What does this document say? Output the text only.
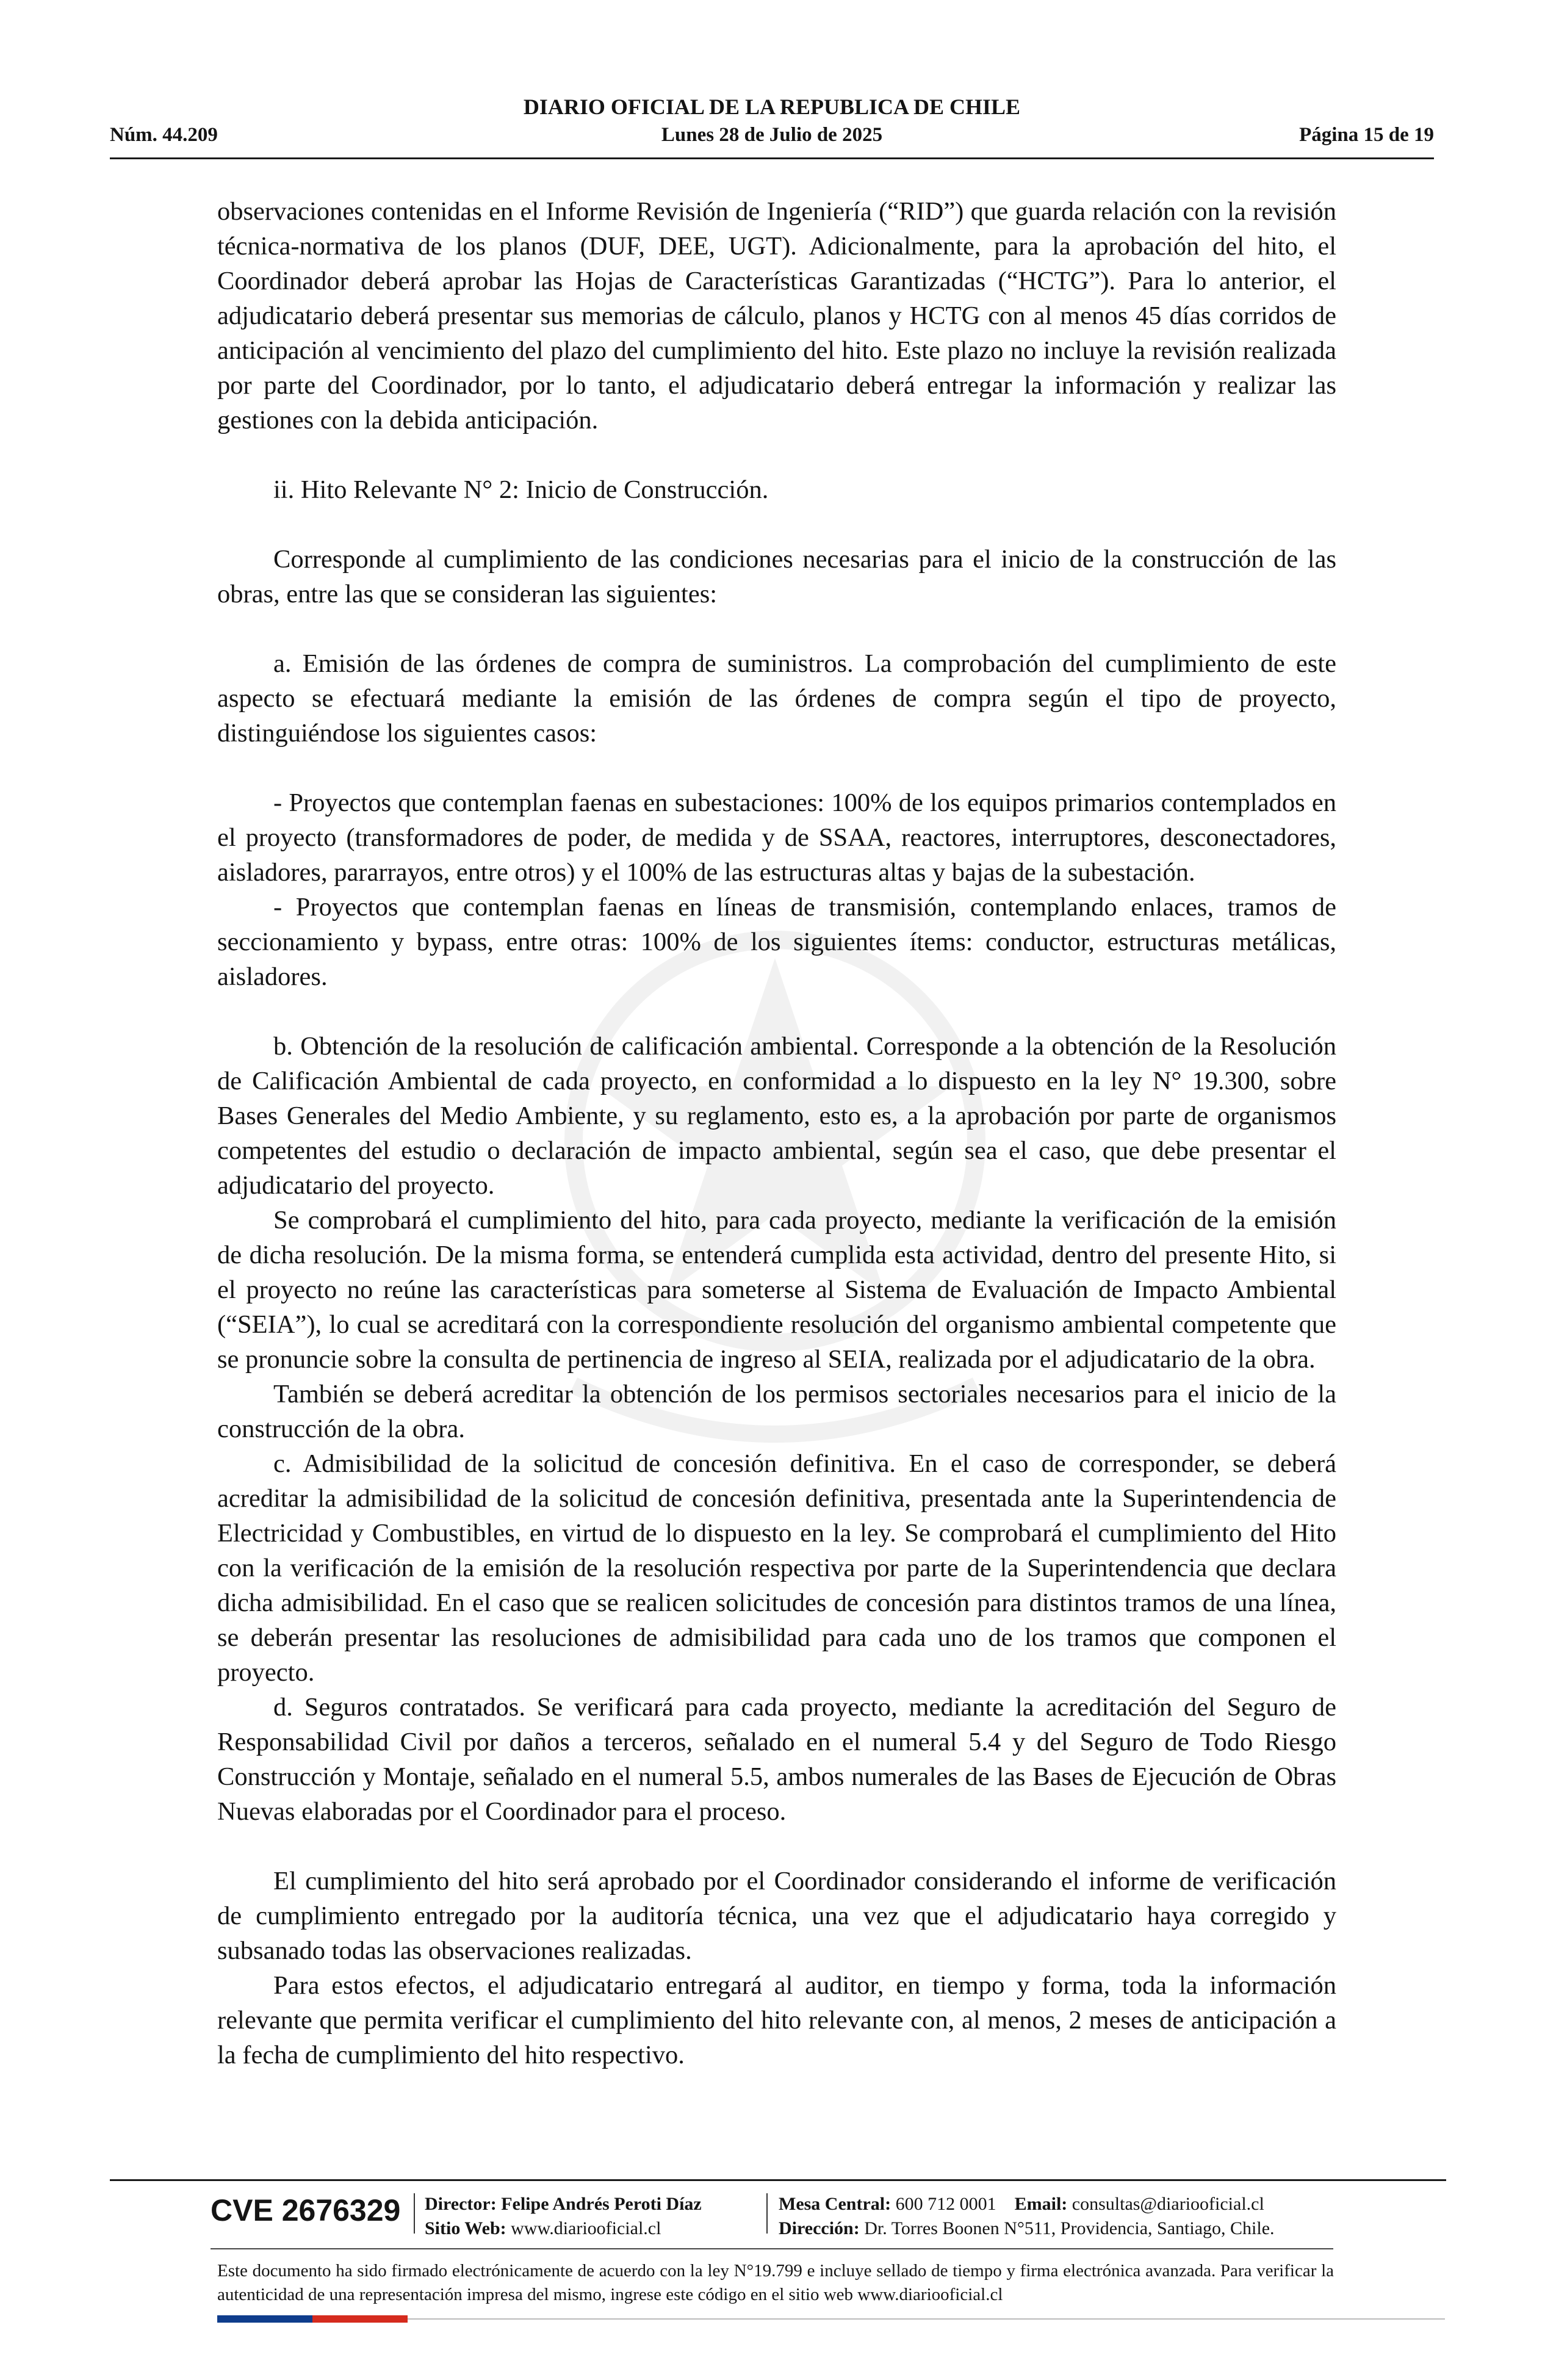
DIARIO OFICIAL DE LA REPUBLICA DE CHILE
Núm. 44.209	Lunes 28 de Julio de 2025	Página 15 de 19

observaciones contenidas en el Informe Revisión de Ingeniería (“RID”) que guarda relación con la revisión técnica-normativa de los planos (DUF, DEE, UGT). Adicionalmente, para la aprobación del hito, el Coordinador deberá aprobar las Hojas de Características Garantizadas (“HCTG”). Para lo anterior, el adjudicatario deberá presentar sus memorias de cálculo, planos y HCTG con al menos 45 días corridos de anticipación al vencimiento del plazo del cumplimiento del hito. Este plazo no incluye la revisión realizada por parte del Coordinador, por lo tanto, el adjudicatario deberá entregar la información y realizar las gestiones con la debida anticipación.

ii. Hito Relevante N° 2: Inicio de Construcción.

Corresponde al cumplimiento de las condiciones necesarias para el inicio de la construcción de las obras, entre las que se consideran las siguientes:

a. Emisión de las órdenes de compra de suministros. La comprobación del cumplimiento de este aspecto se efectuará mediante la emisión de las órdenes de compra según el tipo de proyecto, distinguiéndose los siguientes casos:

- Proyectos que contemplan faenas en subestaciones: 100% de los equipos primarios contemplados en el proyecto (transformadores de poder, de medida y de SSAA, reactores, interruptores, desconectadores, aisladores, pararrayos, entre otros) y el 100% de las estructuras altas y bajas de la subestación.

- Proyectos que contemplan faenas en líneas de transmisión, contemplando enlaces, tramos de seccionamiento y bypass, entre otras: 100% de los siguientes ítems: conductor, estructuras metálicas, aisladores.

b. Obtención de la resolución de calificación ambiental. Corresponde a la obtención de la Resolución de Calificación Ambiental de cada proyecto, en conformidad a lo dispuesto en la ley N° 19.300, sobre Bases Generales del Medio Ambiente, y su reglamento, esto es, a la aprobación por parte de organismos competentes del estudio o declaración de impacto ambiental, según sea el caso, que debe presentar el adjudicatario del proyecto.

Se comprobará el cumplimiento del hito, para cada proyecto, mediante la verificación de la emisión de dicha resolución. De la misma forma, se entenderá cumplida esta actividad, dentro del presente Hito, si el proyecto no reúne las características para someterse al Sistema de Evaluación de Impacto Ambiental (“SEIA”), lo cual se acreditará con la correspondiente resolución del organismo ambiental competente que se pronuncie sobre la consulta de pertinencia de ingreso al SEIA, realizada por el adjudicatario de la obra.

También se deberá acreditar la obtención de los permisos sectoriales necesarios para el inicio de la construcción de la obra.

c. Admisibilidad de la solicitud de concesión definitiva. En el caso de corresponder, se deberá acreditar la admisibilidad de la solicitud de concesión definitiva, presentada ante la Superintendencia de Electricidad y Combustibles, en virtud de lo dispuesto en la ley. Se comprobará el cumplimiento del Hito con la verificación de la emisión de la resolución respectiva por parte de la Superintendencia que declara dicha admisibilidad. En el caso que se realicen solicitudes de concesión para distintos tramos de una línea, se deberán presentar las resoluciones de admisibilidad para cada uno de los tramos que componen el proyecto.

d. Seguros contratados. Se verificará para cada proyecto, mediante la acreditación del Seguro de Responsabilidad Civil por daños a terceros, señalado en el numeral 5.4 y del Seguro de Todo Riesgo Construcción y Montaje, señalado en el numeral 5.5, ambos numerales de las Bases de Ejecución de Obras Nuevas elaboradas por el Coordinador para el proceso.

El cumplimiento del hito será aprobado por el Coordinador considerando el informe de verificación de cumplimiento entregado por la auditoría técnica, una vez que el adjudicatario haya corregido y subsanado todas las observaciones realizadas.

Para estos efectos, el adjudicatario entregará al auditor, en tiempo y forma, toda la información relevante que permita verificar el cumplimiento del hito relevante con, al menos, 2 meses de anticipación a la fecha de cumplimiento del hito respectivo.

CVE 2676329 Director: Felipe Andrés Peroti Díaz
Sitio Web: www.diariooficial.cl
Mesa Central: 600 712 0001 Email: consultas@diariooficial.cl
Dirección: Dr. Torres Boonen N°511, Providencia, Santiago, Chile.
Este documento ha sido firmado electrónicamente de acuerdo con la ley N°19.799 e incluye sellado de tiempo y firma electrónica avanzada. Para verificar la autenticidad de una representación impresa del mismo, ingrese este código en el sitio web www.diariooficial.cl
